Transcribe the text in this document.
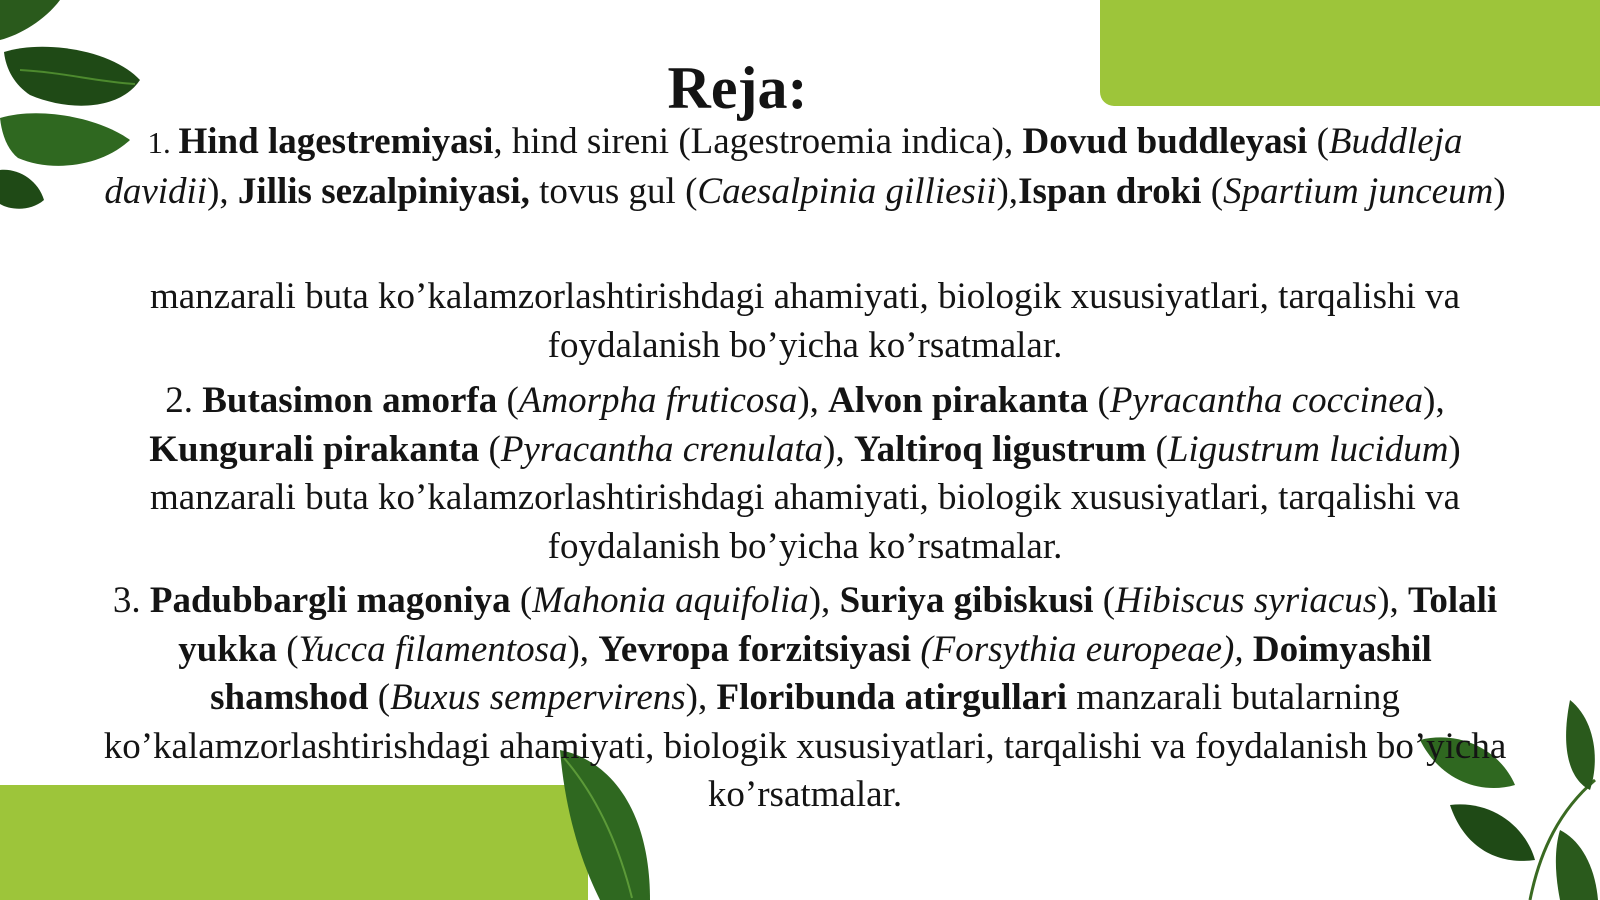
Reja:

1. Hind lagestremiyasi, hind sireni (Lagestroemia indica), Dovud buddleyasi (Buddleja davidii), Jillis sezalpiniyasi, tovus gul (Caesalpinia gilliesii),Ispan droki (Spartium junceum)

manzarali buta ko’kalamzorlashtirishdagi ahamiyati, biologik xususiyatlari, tarqalishi va foydalanish bo’yicha ko’rsatmalar.

2. Butasimon amorfa (Amorpha fruticosa), Alvon pirakanta (Pyracantha coccinea), Kungurali pirakanta (Pyracantha crenulata), Yaltiroq ligustrum (Ligustrum lucidum) manzarali buta ko’kalamzorlashtirishdagi ahamiyati, biologik xususiyatlari, tarqalishi va foydalanish bo’yicha ko’rsatmalar.

3. Padubbargli magoniya (Mahonia aquifolia), Suriya gibiskusi (Hibiscus syriacus), Tolali yukka (Yucca filamentosa), Yevropa forzitsiyasi (Forsythia europeae), Doimyashil shamshod (Buxus sempervirens), Floribunda atirgullari manzarali butalarning ko’kalamzorlashtirishdagi ahamiyati, biologik xususiyatlari, tarqalishi va foydalanish bo’yicha ko’rsatmalar.
